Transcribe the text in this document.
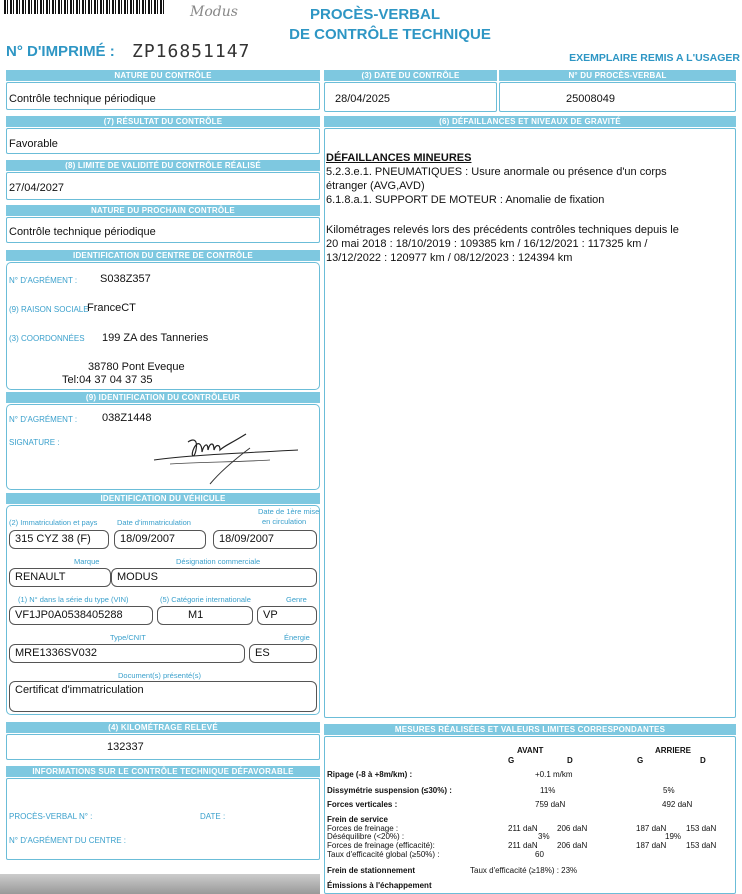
Modus	PROCÈS-VERBAL
DE CONTRÔLE TECHNIQUE
N° D'IMPRIMÉ : ZP16851147	EXEMPLAIRE REMIS A L'USAGER
NATURE DU CONTRÔLE
Contrôle technique périodique
(7) RÉSULTAT DU CONTRÔLE
Favorable
(8) LIMITE DE VALIDITÉ DU CONTRÔLE RÉALISÉ
27/04/2027
NATURE DU PROCHAIN CONTRÔLE
Contrôle technique périodique
IDENTIFICATION DU CENTRE DE CONTRÔLE
N° D'AGRÉMENT : S038Z357
(9) RAISON SOCIALE
FranceCT
(3) COORDONNÉES 199 ZA des Tanneries
38780 Pont Eveque
Tel:04 37 04 37 35
(9) IDENTIFICATION DU CONTRÔLEUR
N° D'AGRÉMENT : 038Z1448
SIGNATURE :
IDENTIFICATION DU VÉHICULE
(2) Immatriculation et pays	Date d'immatriculation
Date de 1ère mise
en circulation
315 CYZ 38 (F)	18/09/2007	18/09/2007
Marque	Désignation commerciale
RENAULT	MODUS
(1) N° dans la série du type (VIN)	(5) Catégorie internationale	Genre
VF1JP0A0538405288	M1	VP
Type/CNIT	Énergie
MRE1336SV032	ES
Document(s) présenté(s)
Certificat d'immatriculation
(4) KILOMÉTRAGE RELEVÉ
132337
INFORMATIONS SUR LE CONTRÔLE TECHNIQUE DÉFAVORABLE
PROCÈS-VERBAL N° :	DATE :
N° D'AGRÉMENT DU CENTRE :
(3) DATE DU CONTRÔLE	N° DU PROCÈS-VERBAL
28/04/2025	25008049
(6) DÉFAILLANCES ET NIVEAUX DE GRAVITÉ
DÉFAILLANCES MINEURES
5.2.3.e.1. PNEUMATIQUES : Usure anormale ou présence d'un corps
étranger (AVG,AVD)
6.1.8.a.1. SUPPORT DE MOTEUR : Anomalie de fixation
Kilométrages relevés lors des précédents contrôles techniques depuis le
20 mai 2018 : 18/10/2019 : 109385 km / 16/12/2021 : 117325 km /
13/12/2022 : 120977 km / 08/12/2023 : 124394 km
MESURES RÉALISÉES ET VALEURS LIMITES CORRESPONDANTES
AVANT	ARRIERE
G	D	G	D
Ripage (-8 à +8m/km) :	+0.1 m/km
Dissymétrie suspension (≤30%) :	11%	5%
Forces verticales :	759 daN	492 daN
Frein de service
Forces de freinage :	211 daN 206 daN	187 daN 153 daN
Déséquilibre (<20%) :	3%	19%
Forces de freinage (efficacité):	211 daN 206 daN	187 daN 153 daN
Taux d'efficacité global (≥50%) :	60
Frein de stationnement	Taux d'efficacité (≥18%) : 23%
Émissions à l'échappement
